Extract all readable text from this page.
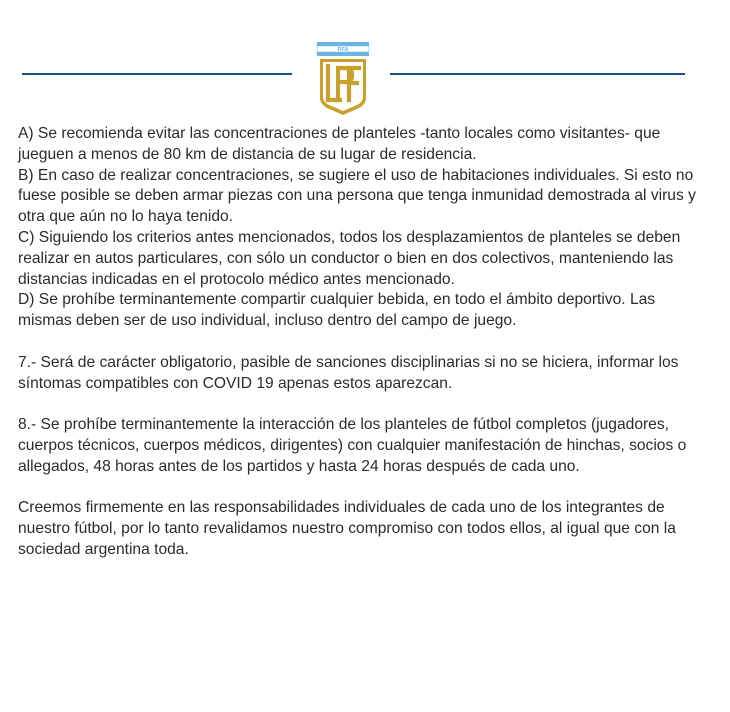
RFA

A) Se recomienda evitar las concentraciones de planteles -tanto locales como visitantes- que jueguen a menos de 80 km de distancia de su lugar de residencia.

B) En caso de realizar concentraciones, se sugiere el uso de habitaciones individuales. Si esto no fuese posible se deben armar piezas con una persona que tenga inmunidad demostrada al virus y otra que aún no lo haya tenido.

C) Siguiendo los criterios antes mencionados, todos los desplazamientos de planteles se deben realizar en autos particulares, con sólo un conductor o bien en dos colectivos, manteniendo las distancias indicadas en el protocolo médico antes mencionado.

D) Se prohíbe terminantemente compartir cualquier bebida, en todo el ámbito deportivo. Las mismas deben ser de uso individual, incluso dentro del campo de juego.

7.- Será de carácter obligatorio, pasible de sanciones disciplinarias si no se hiciera, informar los síntomas compatibles con COVID 19 apenas estos aparezcan.

8.- Se prohíbe terminantemente la interacción de los planteles de fútbol completos (jugadores, cuerpos técnicos, cuerpos médicos, dirigentes) con cualquier manifestación de hinchas, socios o allegados, 48 horas antes de los partidos y hasta 24 horas después de cada uno.

Creemos firmemente en las responsabilidades individuales de cada uno de los integrantes de nuestro fútbol, por lo tanto revalidamos nuestro compromiso con todos ellos, al igual que con la sociedad argentina toda.
